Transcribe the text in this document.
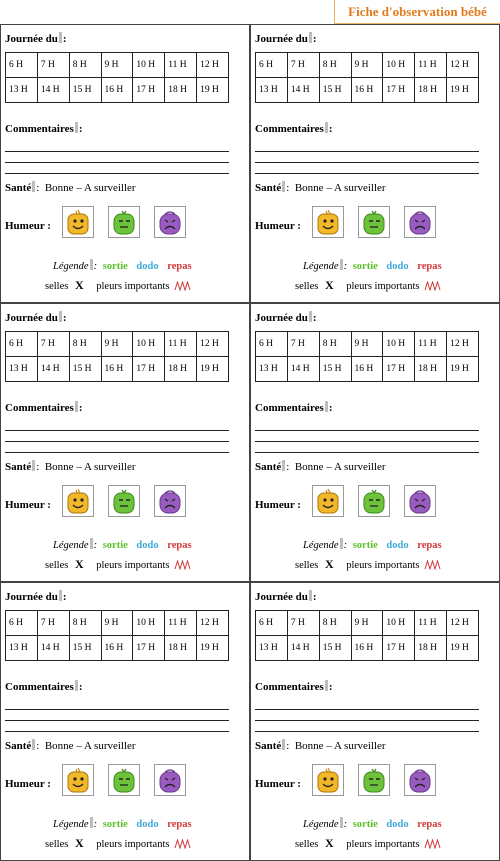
Fiche d'observation bébé
Journée du :
6 H	7 H	8 H	9 H	10 H	11 H	12 H
13 H	14 H	15 H	16 H	17 H	18 H	19 H
Commentaires :
Santé :  Bonne – A surveiller
Humeur :
Légende : sortie dodo repas
selles X pleurs importants
Journée du :
6 H	7 H	8 H	9 H	10 H	11 H	12 H
13 H	14 H	15 H	16 H	17 H	18 H	19 H
Commentaires :
Santé :  Bonne – A surveiller
Humeur :
Légende : sortie dodo repas
selles X pleurs importants
Journée du :
6 H	7 H	8 H	9 H	10 H	11 H	12 H
13 H	14 H	15 H	16 H	17 H	18 H	19 H
Commentaires :
Santé :  Bonne – A surveiller
Humeur :
Légende : sortie dodo repas
selles X pleurs importants
Journée du :
6 H	7 H	8 H	9 H	10 H	11 H	12 H
13 H	14 H	15 H	16 H	17 H	18 H	19 H
Commentaires :
Santé :  Bonne – A surveiller
Humeur :
Légende : sortie dodo repas
selles X pleurs importants
Journée du :
6 H	7 H	8 H	9 H	10 H	11 H	12 H
13 H	14 H	15 H	16 H	17 H	18 H	19 H
Commentaires :
Santé :  Bonne – A surveiller
Humeur :
Légende : sortie dodo repas
selles X pleurs importants
Journée du :
6 H	7 H	8 H	9 H	10 H	11 H	12 H
13 H	14 H	15 H	16 H	17 H	18 H	19 H
Commentaires :
Santé :  Bonne – A surveiller
Humeur :
Légende : sortie dodo repas
selles X pleurs importants
